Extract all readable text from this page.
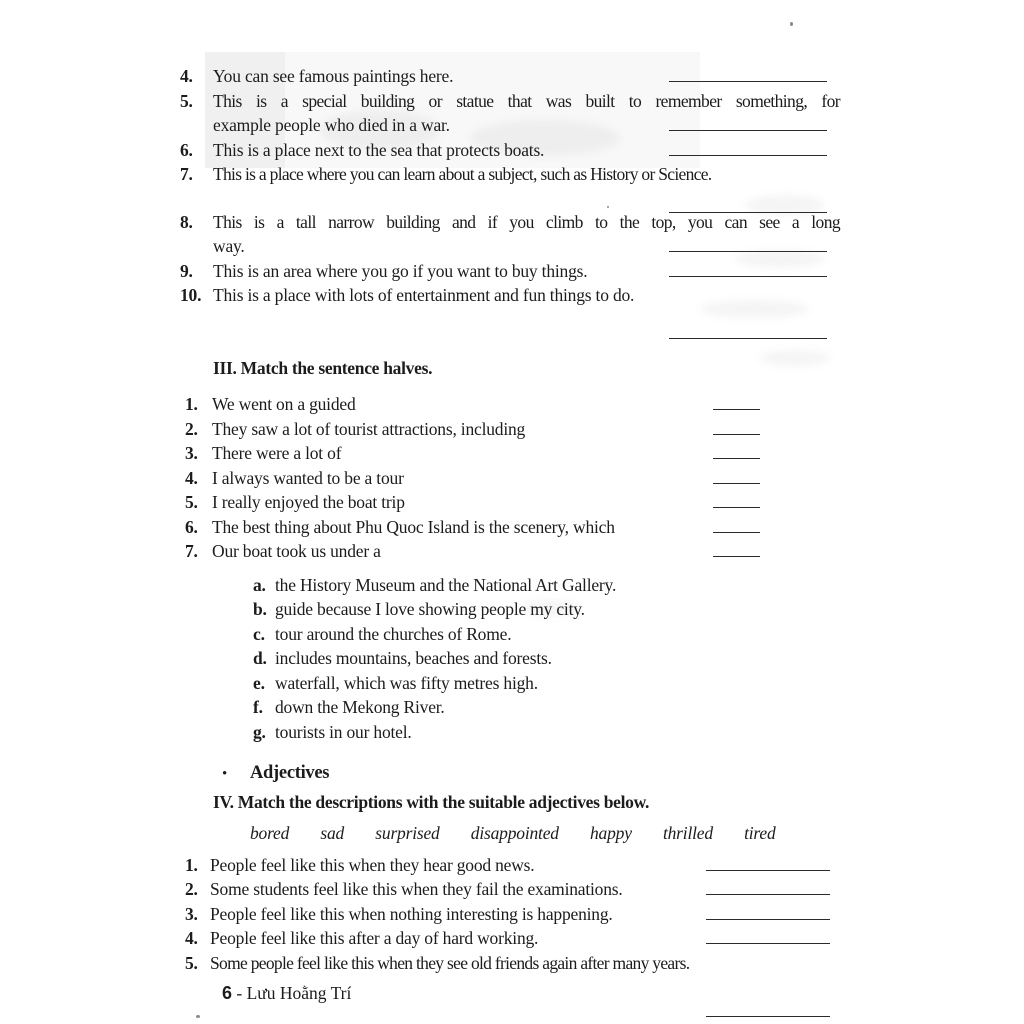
4.	You can see famous paintings here.
5.	This is a special building or statue that was built to remember something, for
example people who died in a war.
6.	This is a place next to the sea that protects boats.
7.	This is a place where you can learn about a subject, such as History or Science.
8.	This is a tall narrow building and if you climb to the top, you can see a long
way.
9.	This is an area where you go if you want to buy things.
10. This is a place with lots of entertainment and fun things to do.
III. Match the sentence halves.
1. We went on a guided
2. They saw a lot of tourist attractions, including
3. There were a lot of
4. I always wanted to be a tour
5. I really enjoyed the boat trip
6. The best thing about Phu Quoc Island is the scenery, which
7. Our boat took us under a
a. the History Museum and the National Art Gallery.
b. guide because I love showing people my city.
c. tour around the churches of Rome.
d. includes mountains, beaches and forests.
e. waterfall, which was fifty metres high.
f. down the Mekong River.
g. tourists in our hotel.
•	Adjectives
IV. Match the descriptions with the suitable adjectives below.
bored sad surprised disappointed happy thrilled tired
1. People feel like this when they hear good news.
2. Some students feel like this when they fail the examinations.
3. People feel like this when nothing interesting is happening.
4. People feel like this after a day of hard working.
5. Some people feel like this when they see old friends again after many years.
6 - Lưu Hoằng Trí
